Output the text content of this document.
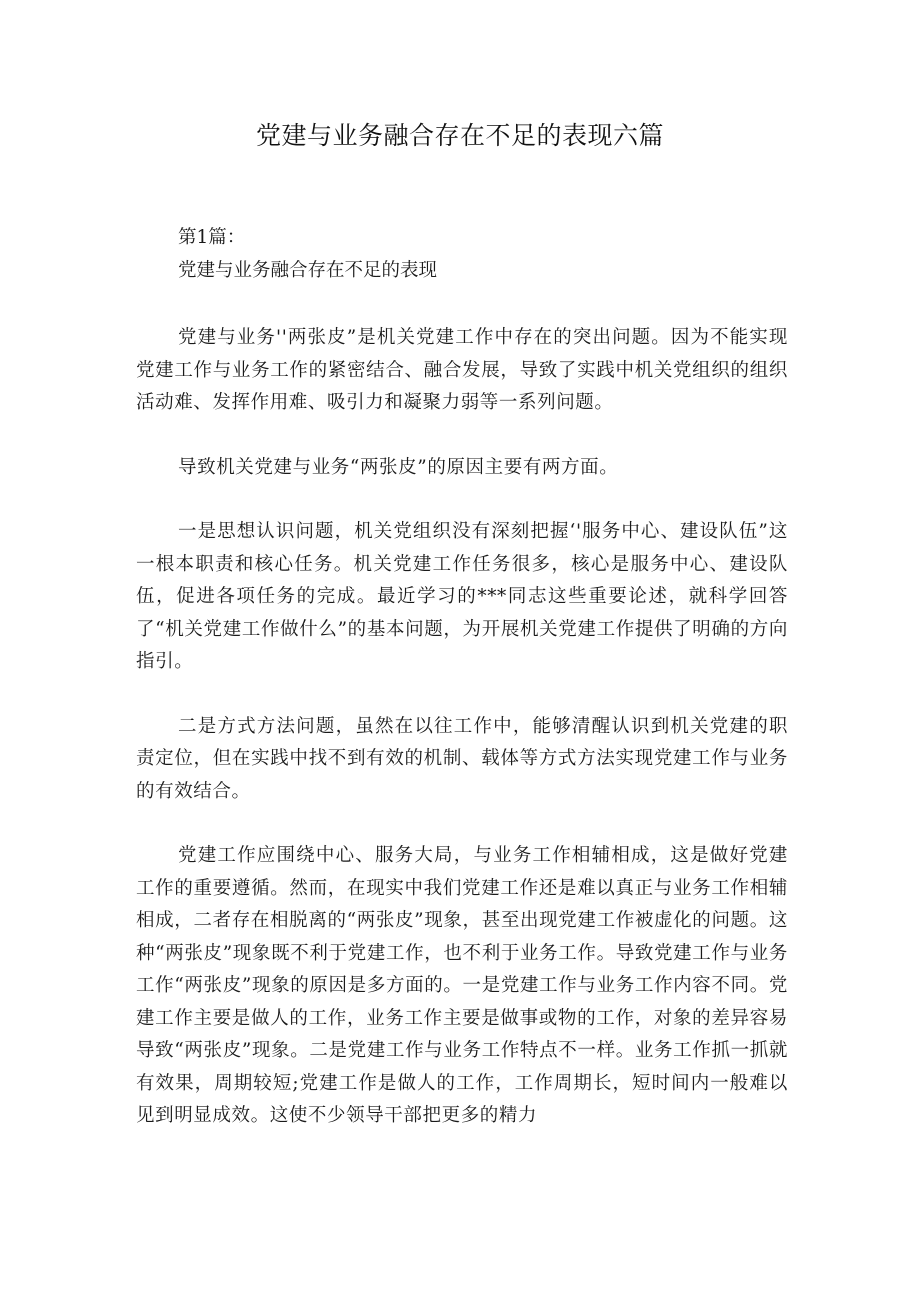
党建与业务融合存在不足的表现六篇
第1篇：
党建与业务融合存在不足的表现

党建与业务''两张皮”是机关党建工作中存在的突出问题。因为不能实现党建工作与业务工作的紧密结合、融合发展，导致了实践中机关党组织的组织活动难、发挥作用难、吸引力和凝聚力弱等一系列问题。

导致机关党建与业务“两张皮”的原因主要有两方面。

一是思想认识问题，机关党组织没有深刻把握‘'服务中心、建设队伍”这一根本职责和核心任务。机关党建工作任务很多，核心是服务中心、建设队伍，促进各项任务的完成。最近学习的***同志这些重要论述，就科学回答了“机关党建工作做什么”的基本问题，为开展机关党建工作提供了明确的方向指引。

二是方式方法问题，虽然在以往工作中，能够清醒认识到机关党建的职责定位，但在实践中找不到有效的机制、载体等方式方法实现党建工作与业务的有效结合。

党建工作应围绕中心、服务大局，与业务工作相辅相成，这是做好党建工作的重要遵循。然而，在现实中我们党建工作还是难以真正与业务工作相辅相成，二者存在相脱离的“两张皮”现象，甚至出现党建工作被虚化的问题。这种“两张皮”现象既不利于党建工作，也不利于业务工作。导致党建工作与业务工作“两张皮”现象的原因是多方面的。一是党建工作与业务工作内容不同。党建工作主要是做人的工作，业务工作主要是做事或物的工作，对象的差异容易导致“两张皮”现象。二是党建工作与业务工作特点不一样。业务工作抓一抓就有效果，周期较短;党建工作是做人的工作，工作周期长，短时间内一般难以见到明显成效。这使不少领导干部把更多的精力
